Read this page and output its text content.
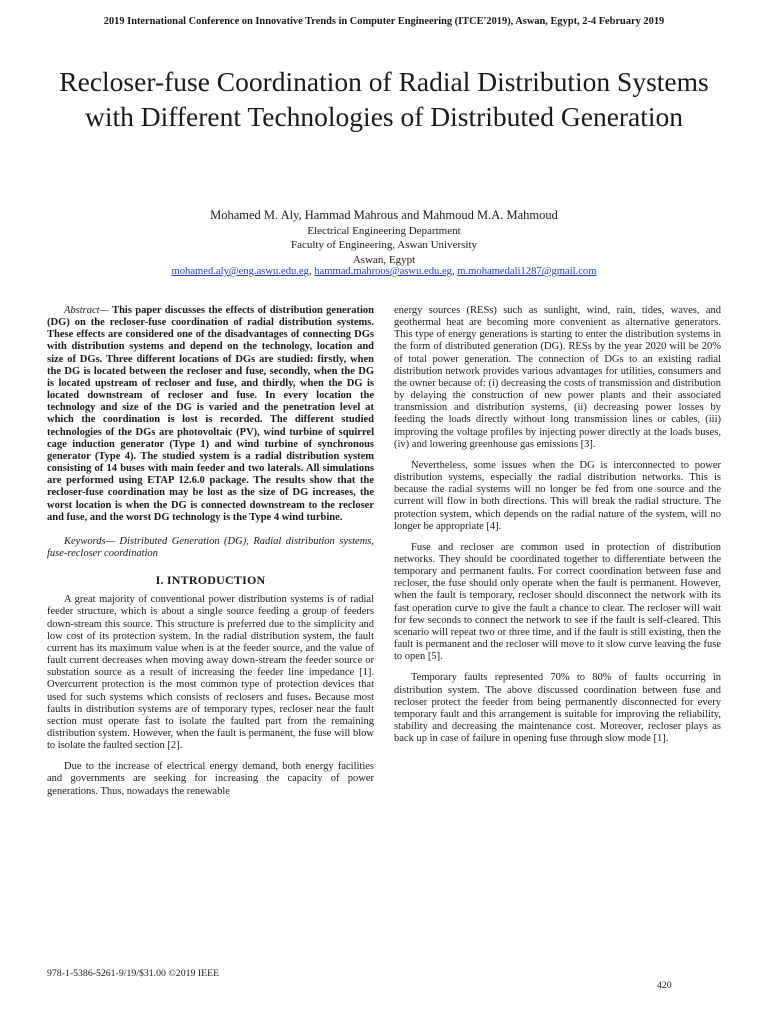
2019 International Conference on Innovative Trends in Computer Engineering (ITCE'2019), Aswan, Egypt, 2-4 February 2019
Recloser-fuse Coordination of Radial Distribution Systems with Different Technologies of Distributed Generation
Mohamed M. Aly, Hammad Mahrous and Mahmoud M.A. Mahmoud
Electrical Engineering Department
Faculty of Engineering, Aswan University
Aswan, Egypt
mohamed.aly@eng.aswu.edu.eg, hammad.mahroos@aswu.edu.eg, m.mohamedali1287@gmail.com

Abstract— This paper discusses the effects of distribution generation (DG) on the recloser-fuse coordination of radial distribution systems. These effects are considered one of the disadvantages of connecting DGs with distribution systems and depend on the technology, location and size of DGs. Three different locations of DGs are studied: firstly, when the DG is located between the recloser and fuse, secondly, when the DG is located upstream of recloser and fuse, and thirdly, when the DG is located downstream of recloser and fuse. In every location the technology and size of the DG is varied and the penetration level at which the coordination is lost is recorded. The different studied technologies of the DGs are photovoltaic (PV), wind turbine of squirrel cage induction generator (Type 1) and wind turbine of synchronous generator (Type 4). The studied system is a radial distribution system consisting of 14 buses with main feeder and two laterals. All simulations are performed using ETAP 12.6.0 package. The results show that the recloser-fuse coordination may be lost as the size of DG increases, the worst location is when the DG is connected downstream to the recloser and fuse, and the worst DG technology is the Type 4 wind turbine.

Keywords— Distributed Generation (DG), Radial distribution systems, fuse-recloser coordination

I. INTRODUCTION

A great majority of conventional power distribution systems is of radial feeder structure, which is about a single source feeding a group of feeders down-stream this source. This structure is preferred due to the simplicity and low cost of its protection system. In the radial distribution system, the fault current has its maximum value when is at the feeder source, and the value of fault current decreases when moving away down-stream the feeder source or substation source as a result of increasing the feeder line impedance [1]. Overcurrent protection is the most common type of protection devices that used for such systems which consists of reclosers and fuses. Because most faults in distribution systems are of temporary types, recloser near the fault section must operate fast to isolate the faulted part from the remaining distribution system. However, when the fault is permanent, the fuse will blow to isolate the faulted section [2].

Due to the increase of electrical energy demand, both energy facilities and governments are seeking for increasing the capacity of power generations. Thus, nowadays the renewable

energy sources (RESs) such as sunlight, wind, rain, tides, waves, and geothermal heat are becoming more convenient as alternative generators. This type of energy generations is starting to enter the distribution systems in the form of distributed generation (DG). RESs by the year 2020 will be 20% of total power generation. The connection of DGs to an existing radial distribution network provides various advantages for utilities, consumers and the owner because of: (i) decreasing the costs of transmission and distribution by delaying the construction of new power plants and their associated transmission and distribution systems, (ii) decreasing power losses by feeding the loads directly without long transmission lines or cables, (iii) improving the voltage profiles by injecting power directly at the loads buses, (iv) and lowering greenhouse gas emissions [3].

Nevertheless, some issues when the DG is interconnected to power distribution systems, especially the radial distribution networks. This is because the radial systems will no longer be fed from one source and the current will flow in both directions. This will break the radial structure. The protection system, which depends on the radial nature of the system, will no longer be appropriate [4].

Fuse and recloser are common used in protection of distribution networks. They should be coordinated together to differentiate between the temporary and permanent faults. For correct coordination between fuse and recloser, the fuse should only operate when the fault is permanent. However, when the fault is temporary, recloser should disconnect the network with its fast operation curve to give the fault a chance to clear. The recloser will wait for few seconds to connect the network to see if the fault is self-cleared. This scenario will repeat two or three time, and if the fault is still existing, then the fault is permanent and the recloser will move to it slow curve leaving the fuse to open [5].

Temporary faults represented 70% to 80% of faults occurring in distribution system. The above discussed coordination between fuse and recloser protect the feeder from being permanently disconnected for every temporary fault and this arrangement is suitable for improving the reliability, stability and decreasing the maintenance cost. Moreover, recloser plays as back up in case of failure in opening fuse through slow mode [1].

978-1-5386-5261-9/19/$31.00 ©2019 IEEE
420
